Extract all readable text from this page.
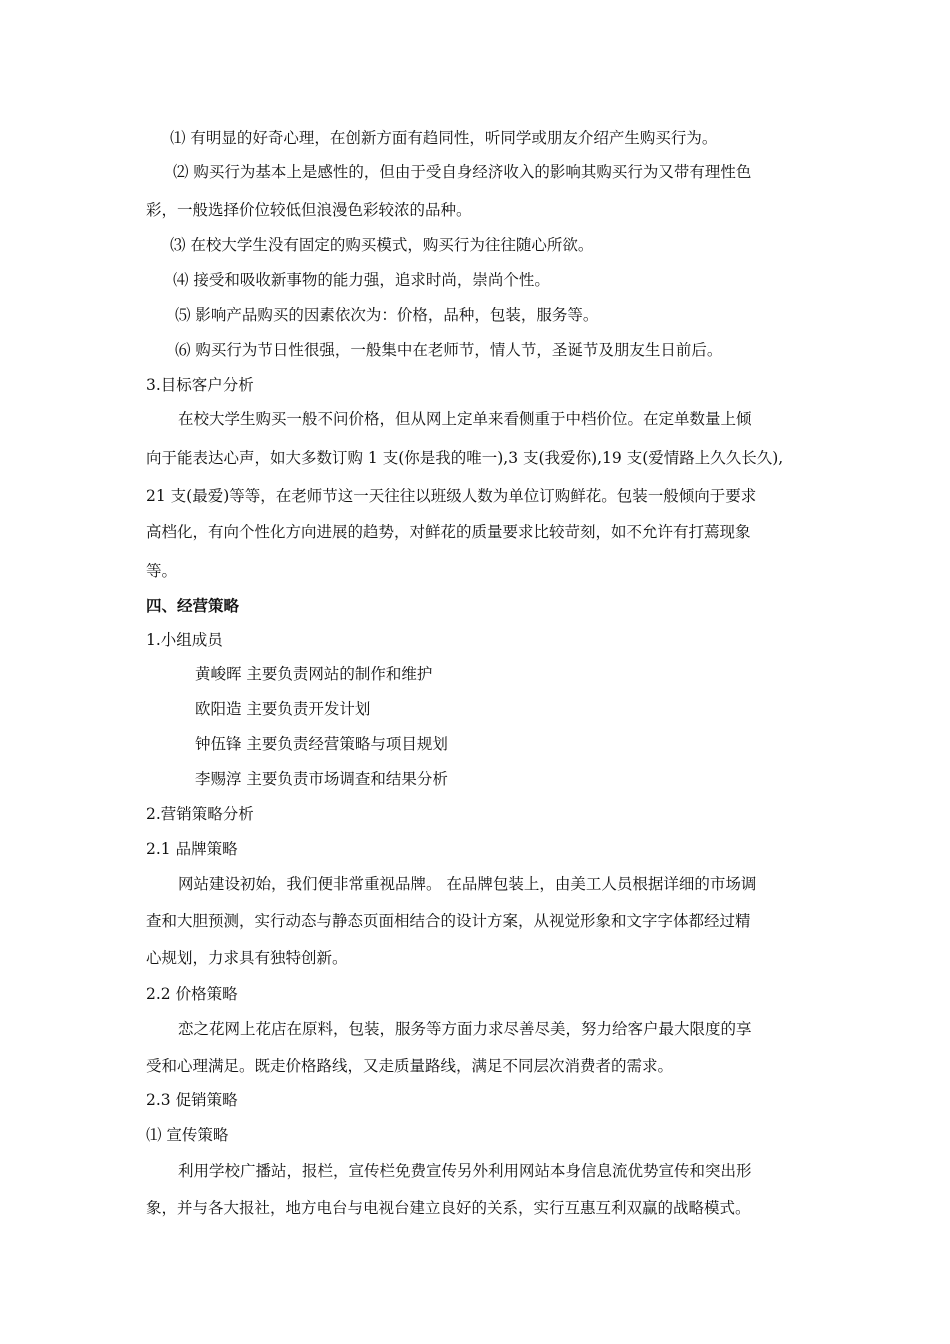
⑴ 有明显的好奇心理，在创新方面有趋同性，听同学或朋友介绍产生购买行为。
⑵ 购买行为基本上是感性的，但由于受自身经济收入的影响其购买行为又带有理性色
彩，一般选择价位较低但浪漫色彩较浓的品种。
⑶ 在校大学生没有固定的购买模式，购买行为往往随心所欲。
⑷ 接受和吸收新事物的能力强，追求时尚，崇尚个性。
⑸ 影响产品购买的因素依次为：价格，品种，包装，服务等。
⑹ 购买行为节日性很强，一般集中在老师节，情人节，圣诞节及朋友生日前后。
3.目标客户分析
在校大学生购买一般不问价格，但从网上定单来看侧重于中档价位。在定单数量上倾
向于能表达心声，如大多数订购 1 支(你是我的唯一),3 支(我爱你),19 支(爱情路上久久长久),
21 支(最爱)等等，在老师节这一天往往以班级人数为单位订购鲜花。包装一般倾向于要求
高档化，有向个性化方向进展的趋势，对鲜花的质量要求比较苛刻，如不允许有打蔫现象
等。
四、经营策略
1.小组成员
黄峻晖 主要负责网站的制作和维护
欧阳造 主要负责开发计划
钟伍锋 主要负责经营策略与项目规划
李赐淳 主要负责市场调查和结果分析
2.营销策略分析
2.1 品牌策略
网站建设初始，我们便非常重视品牌。 在品牌包装上，由美工人员根据详细的市场调
查和大胆预测，实行动态与静态页面相结合的设计方案，从视觉形象和文字字体都经过精
心规划，力求具有独特创新。
2.2 价格策略
恋之花网上花店在原料，包装，服务等方面力求尽善尽美，努力给客户最大限度的享
受和心理满足。既走价格路线，又走质量路线，满足不同层次消费者的需求。
2.3 促销策略
⑴ 宣传策略
利用学校广播站，报栏，宣传栏免费宣传另外利用网站本身信息流优势宣传和突出形
象，并与各大报社，地方电台与电视台建立良好的关系，实行互惠互利双赢的战略模式。
